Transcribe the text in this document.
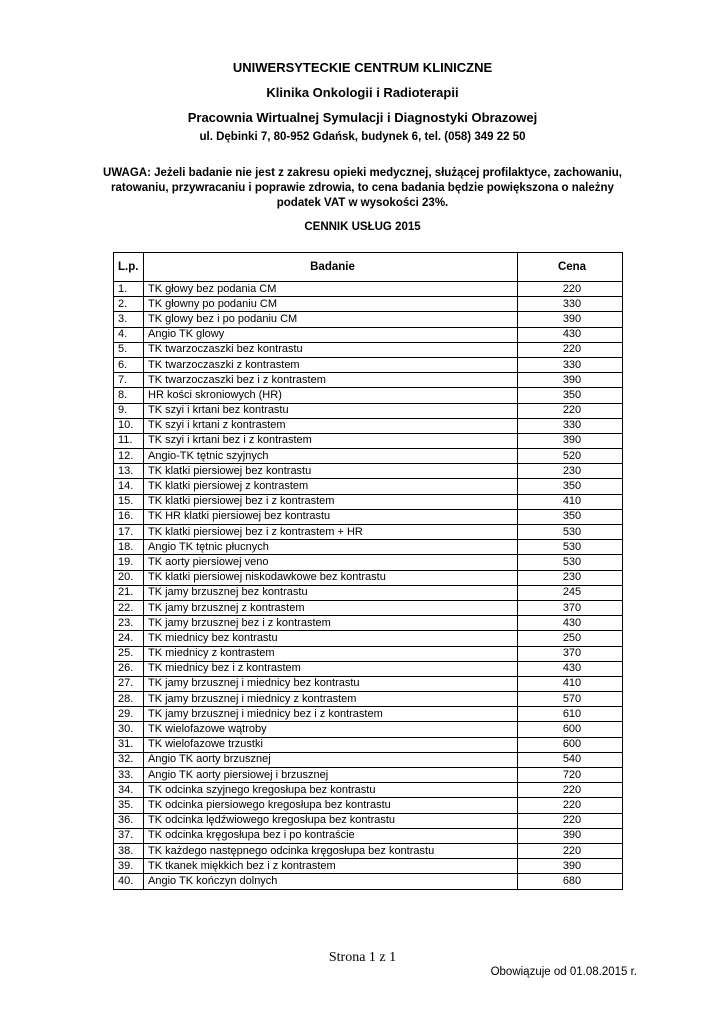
UNIWERSYTECKIE CENTRUM KLINICZNE
Klinika Onkologii i Radioterapii
Pracownia Wirtualnej Symulacji i Diagnostyki Obrazowej
ul. Dębinki 7, 80-952 Gdańsk, budynek 6, tel. (058) 349 22 50
UWAGA: Jeżeli badanie nie jest z zakresu opieki medycznej, służącej profilaktyce, zachowaniu, ratowaniu, przywracaniu i poprawie zdrowia, to cena badania będzie powiększona o należny podatek VAT w wysokości 23%.
CENNIK USŁUG 2015
L.p.	Badanie	Cena
1.	TK głowy bez podania CM	220
2.	TK głowny po podaniu CM	330
3.	TK glowy bez i po podaniu CM	390
4.	Angio TK glowy	430
5.	TK twarzoczaszki bez kontrastu	220
6.	TK twarzoczaszki z kontrastem	330
7.	TK twarzoczaszki bez i z kontrastem	390
8.	HR kości skroniowych (HR)	350
9.	TK szyi i krtani bez kontrastu	220
10.	TK szyi i krtani z kontrastem	330
11.	TK szyi i krtani bez i z kontrastem	390
12.	Angio-TK tętnic szyjnych	520
13.	TK klatki piersiowej bez kontrastu	230
14.	TK klatki piersiowej z kontrastem	350
15.	TK klatki piersiowej bez i z kontrastem	410
16.	TK HR klatki piersiowej bez kontrastu	350
17.	TK klatki piersiowej bez i z kontrastem + HR	530
18.	Angio TK tętnic płucnych	530
19.	TK aorty piersiowej veno	530
20.	TK klatki piersiowej niskodawkowe bez kontrastu	230
21.	TK jamy brzusznej bez kontrastu	245
22.	TK jamy brzusznej z kontrastem	370
23.	TK jamy brzusznej bez i z kontrastem	430
24.	TK miednicy bez kontrastu	250
25.	TK miednicy z kontrastem	370
26.	TK miednicy bez i z kontrastem	430
27.	TK jamy brzusznej i miednicy bez kontrastu	410
28.	TK jamy brzusznej i miednicy z kontrastem	570
29.	TK jamy brzusznej i miednicy bez i z kontrastem	610
30.	TK wielofazowe wątroby	600
31.	TK wielofazowe trzustki	600
32.	Angio TK aorty brzusznej	540
33.	Angio TK aorty piersiowej i brzusznej	720
34.	TK odcinka szyjnego kregosłupa bez kontrastu	220
35.	TK odcinka piersiowego kregosłupa bez kontrastu	220
36.	TK odcinka lędźwiowego kregosłupa bez kontrastu	220
37.	TK odcinka kręgosłupa bez i po kontraście	390
38.	TK każdego następnego odcinka kręgosłupa bez kontrastu	220
39.	TK tkanek miękkich bez i z kontrastem	390
40.	Angio TK kończyn dolnych	680
Strona 1 z 1
Obowiązuje od 01.08.2015 r.
